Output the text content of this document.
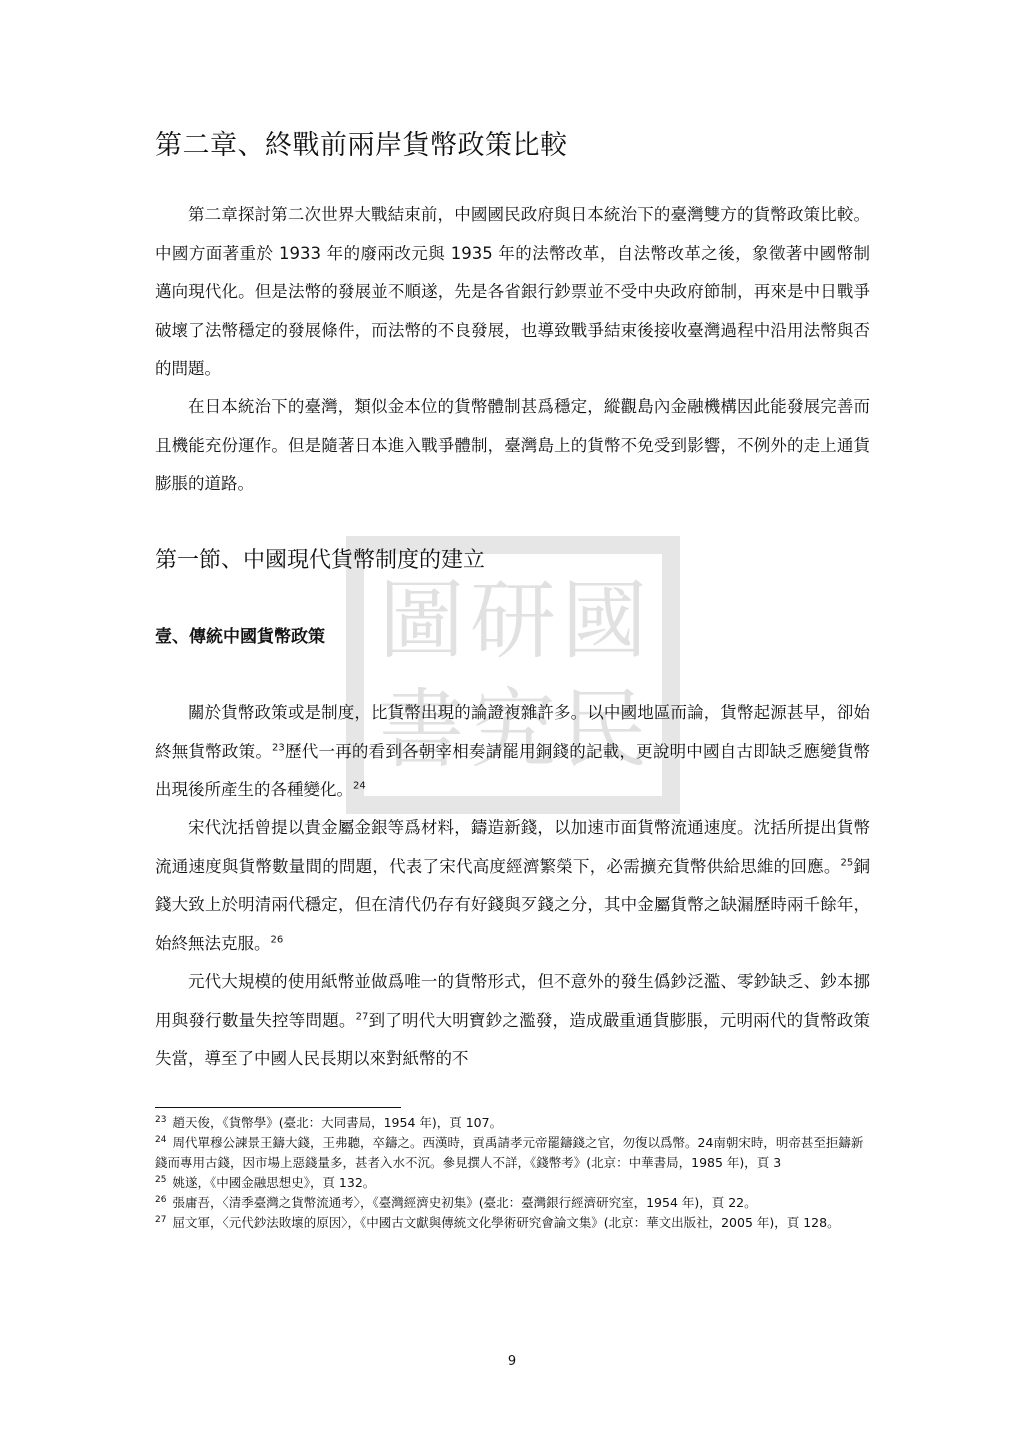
圖 研 國
書 究 民
第二章、終戰前兩岸貨幣政策比較

第二章探討第二次世界大戰結束前，中國國民政府與日本統治下的臺灣雙方的貨幣政策比較。中國方面著重於 1933 年的廢兩改元與 1935 年的法幣改革，自法幣改革之後，象徵著中國幣制邁向現代化。但是法幣的發展並不順遂，先是各省銀行鈔票並不受中央政府節制，再來是中日戰爭破壞了法幣穩定的發展條件，而法幣的不良發展，也導致戰爭結束後接收臺灣過程中沿用法幣與否的問題。

在日本統治下的臺灣，類似金本位的貨幣體制甚爲穩定，縱觀島內金融機構因此能發展完善而且機能充份運作。但是隨著日本進入戰爭體制，臺灣島上的貨幣不免受到影響，不例外的走上通貨膨脹的道路。

第一節、中國現代貨幣制度的建立
壹、傳統中國貨幣政策

關於貨幣政策或是制度，比貨幣出現的論證複雜許多。以中國地區而論，貨幣起源甚早，卻始終無貨幣政策。$^{23}$歷代一再的看到各朝宰相奏請罷用銅錢的記載，更說明中國自古即缺乏應變貨幣出現後所產生的各種變化。$^{24}$

宋代沈括曾提以貴金屬金銀等爲材料，鑄造新錢，以加速市面貨幣流通速度。沈括所提出貨幣流通速度與貨幣數量間的問題，代表了宋代高度經濟繁榮下，必需擴充貨幣供給思維的回應。$^{25}$銅錢大致上於明清兩代穩定，但在清代仍存有好錢與歹錢之分，其中金屬貨幣之缺漏歷時兩千餘年，始終無法克服。$^{26}$

元代大規模的使用紙幣並做爲唯一的貨幣形式，但不意外的發生僞鈔泛濫、零鈔缺乏、鈔本挪用與發行數量失控等問題。$^{27}$到了明代大明寶鈔之濫發，造成嚴重通貨膨脹，元明兩代的貨幣政策失當，導至了中國人民長期以來對紙幣的不

$^{23}$ 趙天俊，《貨幣學》(臺北：大同書局，1954 年)，頁 107。
$^{24}$ 周代單穆公諫景王鑄大錢，王弗聽，卒鑄之。西漢時，貢禹請孝元帝罷鑄錢之官，勿復以爲幣。24南朝宋時，明帝甚至拒鑄新錢而專用古錢，因市場上惡錢量多，甚者入水不沉。參見撰人不詳，《錢幣考》(北京：中華書局，1985 年)，頁 3
$^{25}$ 姚遂，《中國金融思想史》，頁 132。
$^{26}$ 張庸吾，〈清季臺灣之貨幣流通考〉，《臺灣經濟史初集》(臺北：臺灣銀行經濟研究室，1954 年)，頁 22。
$^{27}$ 屈文軍，〈元代鈔法敗壞的原因〉，《中國古文獻與傳統文化學術研究會論文集》(北京：華文出版社，2005 年)，頁 128。
9
